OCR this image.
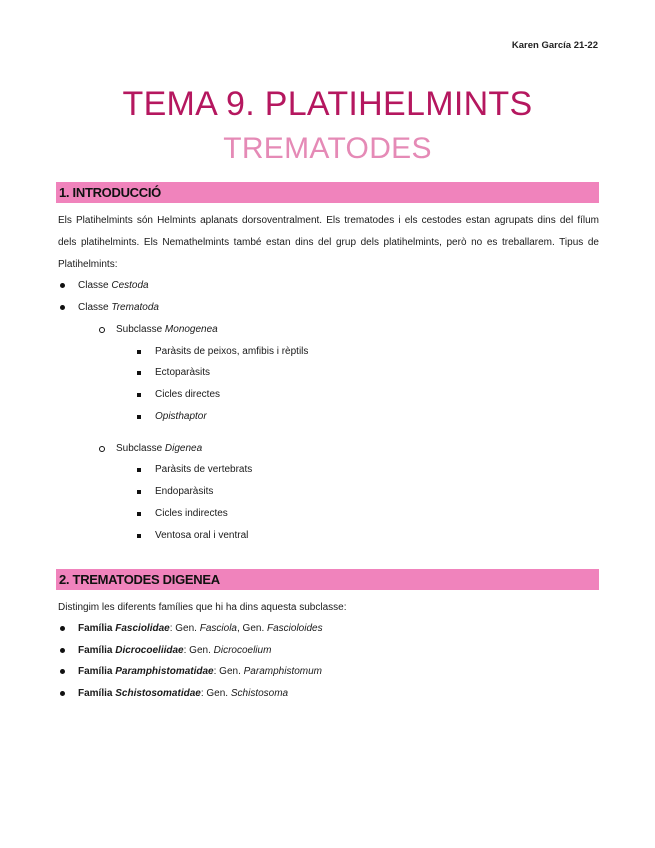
Karen García 21-22
TEMA 9. PLATIHELMINTS
TREMATODES
1. INTRODUCCIÓ
Els Platihelmints són Helmints aplanats dorsoventralment. Els trematodes i els cestodes estan agrupats dins del fílum dels platihelmints. Els Nemathelmints també estan dins del grup dels platihelmints, però no es treballarem. Tipus de Platihelmints:
Classe Cestoda
Classe Trematoda
Subclasse Monogenea
Paràsits de peixos, amfibis i rèptils
Ectoparàsits
Cicles directes
Opisthaptor
Subclasse Digenea
Paràsits de vertebrats
Endoparàsits
Cicles indirectes
Ventosa oral i ventral
2. TREMATODES DIGENEA
Distingim les diferents famílies que hi ha dins aquesta subclasse:
Família Fasciolidae: Gen. Fasciola, Gen. Fascioloides
Família Dicrocoeliidae: Gen. Dicrocoelium
Família Paramphistomatidae: Gen. Paramphistomum
Família Schistosomatidae: Gen. Schistosoma
